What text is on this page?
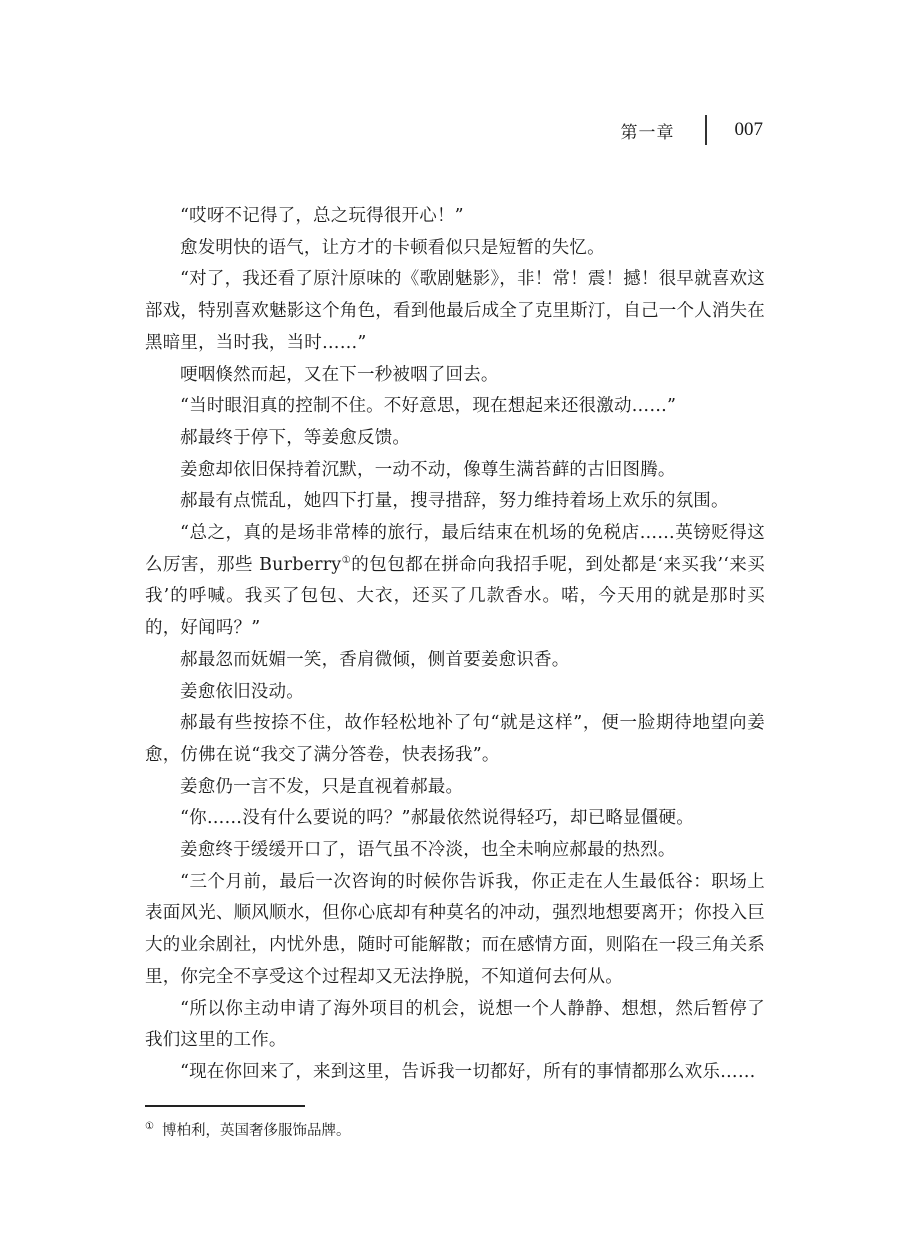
第一章	007

“哎呀不记得了，总之玩得很开心！”

愈发明快的语气，让方才的卡顿看似只是短暂的失忆。

“对了，我还看了原汁原味的《歌剧魅影》，非！常！震！撼！很早就喜欢这部戏，特别喜欢魅影这个角色，看到他最后成全了克里斯汀，自己一个人消失在黑暗里，当时我，当时……”

哽咽倏然而起，又在下一秒被咽了回去。

“当时眼泪真的控制不住。不好意思，现在想起来还很激动……”

郝最终于停下，等姜愈反馈。

姜愈却依旧保持着沉默，一动不动，像尊生满苔藓的古旧图腾。

郝最有点慌乱，她四下打量，搜寻措辞，努力维持着场上欢乐的氛围。

“总之，真的是场非常棒的旅行，最后结束在机场的免税店……英镑贬得这么厉害，那些 Burberry①的包包都在拼命向我招手呢，到处都是‘来买我’‘来买我’的呼喊。我买了包包、大衣，还买了几款香水。喏，今天用的就是那时买的，好闻吗？”

郝最忽而妩媚一笑，香肩微倾，侧首要姜愈识香。

姜愈依旧没动。

郝最有些按捺不住，故作轻松地补了句“就是这样”，便一脸期待地望向姜愈，仿佛在说“我交了满分答卷，快表扬我”。

姜愈仍一言不发，只是直视着郝最。

“你……没有什么要说的吗？”郝最依然说得轻巧，却已略显僵硬。

姜愈终于缓缓开口了，语气虽不冷淡，也全未响应郝最的热烈。

“三个月前，最后一次咨询的时候你告诉我，你正走在人生最低谷：职场上表面风光、顺风顺水，但你心底却有种莫名的冲动，强烈地想要离开；你投入巨大的业余剧社，内忧外患，随时可能解散；而在感情方面，则陷在一段三角关系里，你完全不享受这个过程却又无法挣脱，不知道何去何从。

“所以你主动申请了海外项目的机会，说想一个人静静、想想，然后暂停了我们这里的工作。

“现在你回来了，来到这里，告诉我一切都好，所有的事情都那么欢乐……

① 博柏利，英国奢侈服饰品牌。
